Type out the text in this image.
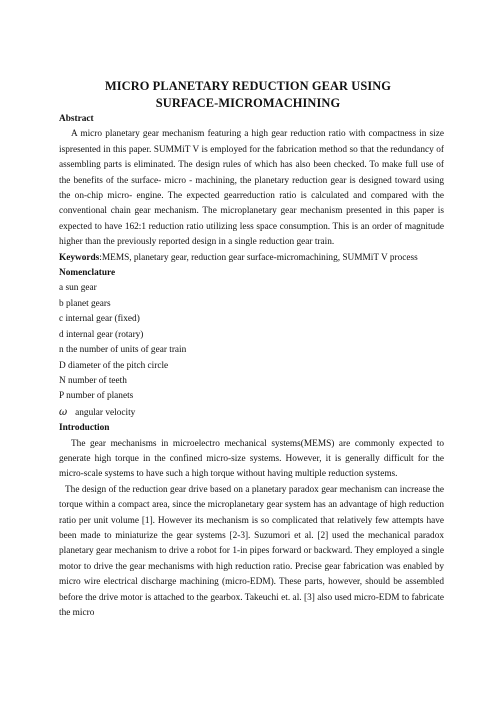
MICRO PLANETARY REDUCTION GEAR USING
SURFACE-MICROMACHINING
Abstract

A micro planetary gear mechanism featuring a high gear reduction ratio with compactness in size ispresented in this paper. SUMMiT V is employed for the fabrication method so that the redundancy of assembling parts is eliminated. The design rules of which has also been checked. To make full use of the benefits of the surface- micro - machining, the planetary reduction gear is designed toward using the on-chip micro- engine. The expected gearreduction ratio is calculated and compared with the conventional chain gear mechanism. The microplanetary gear mechanism presented in this paper is expected to have 162:1 reduction ratio utilizing less space consumption. This is an order of magnitude higher than the previously reported design in a single reduction gear train.

Keywords:MEMS, planetary gear, reduction gear surface-micromachining, SUMMiT V process

Nomenclature
a sun gear
b planet gears
c internal gear (fixed)
d internal gear (rotary)
n the number of units of gear train
D diameter of the pitch circle
N number of teeth
P number of planets
ω angular velocity
Introduction

The gear mechanisms in microelectro mechanical systems(MEMS) are commonly expected to generate high torque in the confined micro-size systems. However, it is generally difficult for the micro-scale systems to have such a high torque without having multiple reduction systems.

The design of the reduction gear drive based on a planetary paradox gear mechanism can increase the torque within a compact area, since the microplanetary gear system has an advantage of high reduction ratio per unit volume [1]. However its mechanism is so complicated that relatively few attempts have been made to miniaturize the gear systems [2-3]. Suzumori et al. [2] used the mechanical paradox planetary gear mechanism to drive a robot for 1-in pipes forward or backward. They employed a single motor to drive the gear mechanisms with high reduction ratio. Precise gear fabrication was enabled by micro wire electrical discharge machining (micro-EDM). These parts, however, should be assembled before the drive motor is attached to the gearbox. Takeuchi et. al. [3] also used micro-EDM to fabricate the micro
